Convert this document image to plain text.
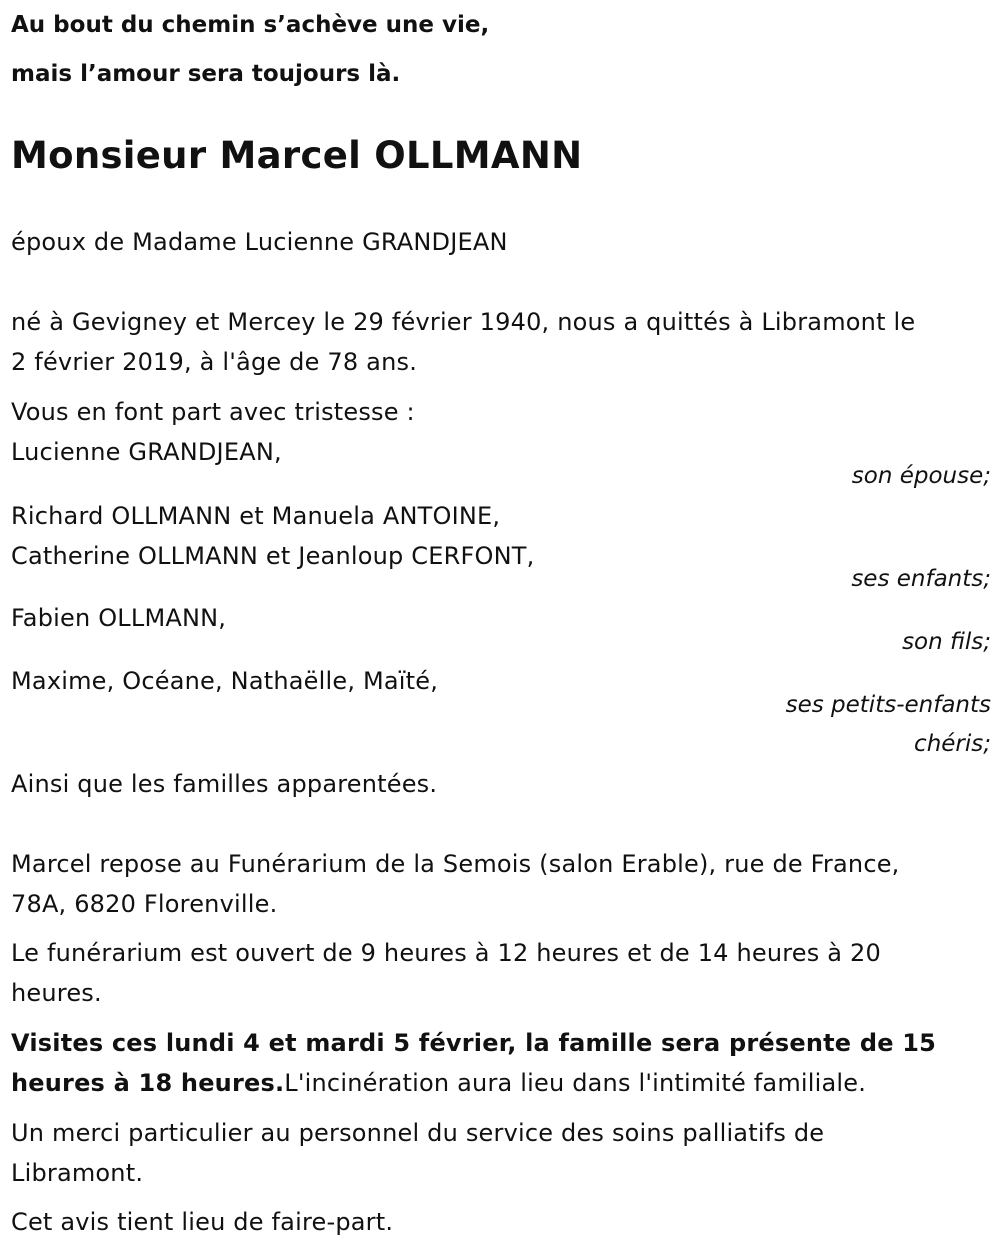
Au bout du chemin s’achève une vie,
mais l’amour sera toujours là.
Monsieur Marcel OLLMANN
époux de Madame Lucienne GRANDJEAN
né à Gevigney et Mercey le 29 février 1940, nous a quittés à Libramont le
2 février 2019, à l'âge de 78 ans.
Vous en font part avec tristesse :
Lucienne GRANDJEAN,
son épouse;
Richard OLLMANN et Manuela ANTOINE,
Catherine OLLMANN et Jeanloup CERFONT,
ses enfants;
Fabien OLLMANN,
son fils;
Maxime, Océane, Nathaëlle, Maïté,
ses petits-enfants
chéris;
Ainsi que les familles apparentées.
Marcel repose au Funérarium de la Semois (salon Erable), rue de France,
78A, 6820 Florenville.
Le funérarium est ouvert de 9 heures à 12 heures et de 14 heures à 20
heures.
Visites ces lundi 4 et mardi 5 février, la famille sera présente de 15
heures à 18 heures.L'incinération aura lieu dans l'intimité familiale.
Un merci particulier au personnel du service des soins palliatifs de
Libramont.
Cet avis tient lieu de faire-part.
